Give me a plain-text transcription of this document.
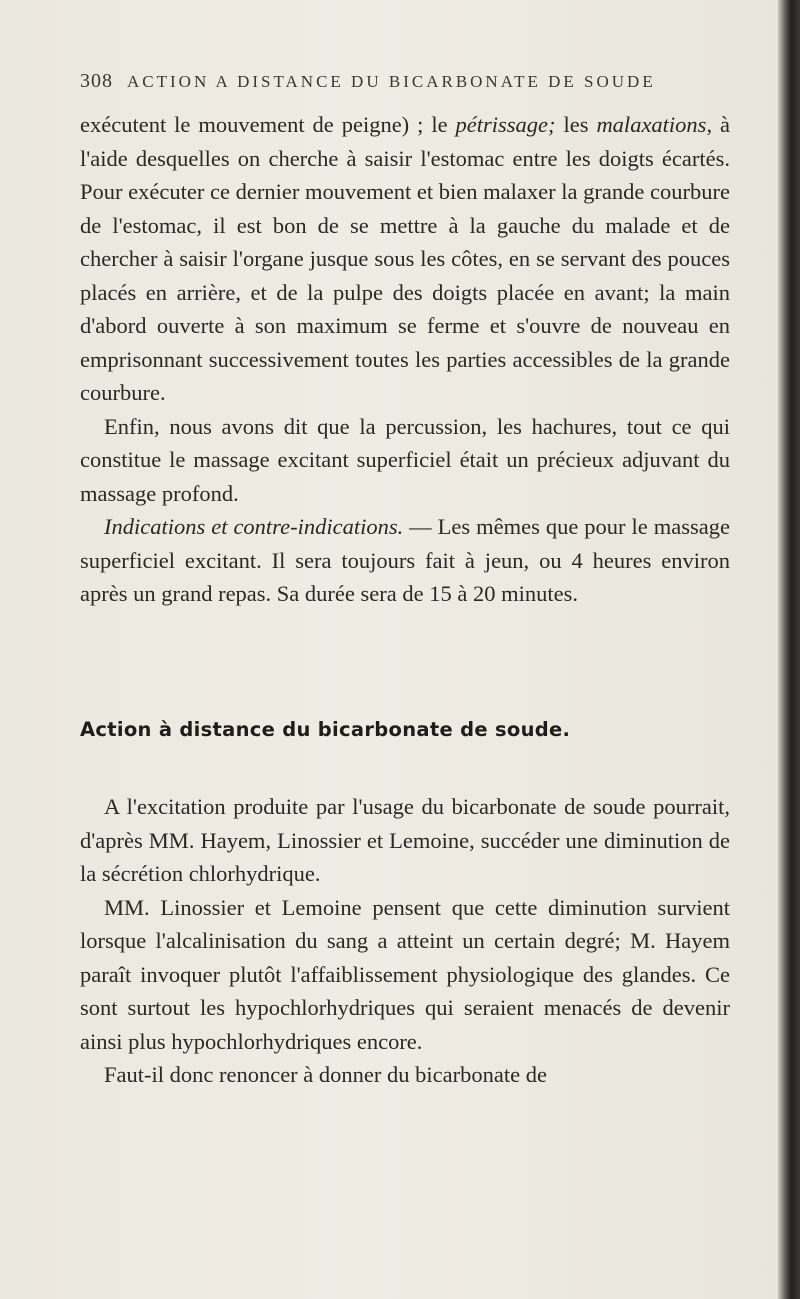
308 ACTION A DISTANCE DU BICARBONATE DE SOUDE

exécutent le mouvement de peigne) ; le pétrissage; les malaxations, à l'aide desquelles on cherche à saisir l'estomac entre les doigts écartés. Pour exécuter ce dernier mouvement et bien malaxer la grande courbure de l'estomac, il est bon de se mettre à la gauche du malade et de chercher à saisir l'organe jusque sous les côtes, en se servant des pouces placés en arrière, et de la pulpe des doigts placée en avant; la main d'abord ouverte à son maximum se ferme et s'ouvre de nouveau en emprisonnant successivement toutes les parties accessibles de la grande courbure.

Enfin, nous avons dit que la percussion, les hachures, tout ce qui constitue le massage excitant superficiel était un précieux adjuvant du massage profond.

Indications et contre-indications. — Les mêmes que pour le massage superficiel excitant. Il sera toujours fait à jeun, ou 4 heures environ après un grand repas. Sa durée sera de 15 à 20 minutes.

Action à distance du bicarbonate de soude.

A l'excitation produite par l'usage du bicarbonate de soude pourrait, d'après MM. Hayem, Linossier et Lemoine, succéder une diminution de la sécrétion chlorhydrique.

MM. Linossier et Lemoine pensent que cette diminution survient lorsque l'alcalinisation du sang a atteint un certain degré; M. Hayem paraît invoquer plutôt l'affaiblissement physiologique des glandes. Ce sont surtout les hypochlorhydriques qui seraient menacés de devenir ainsi plus hypochlorhydriques encore.

Faut-il donc renoncer à donner du bicarbonate de
